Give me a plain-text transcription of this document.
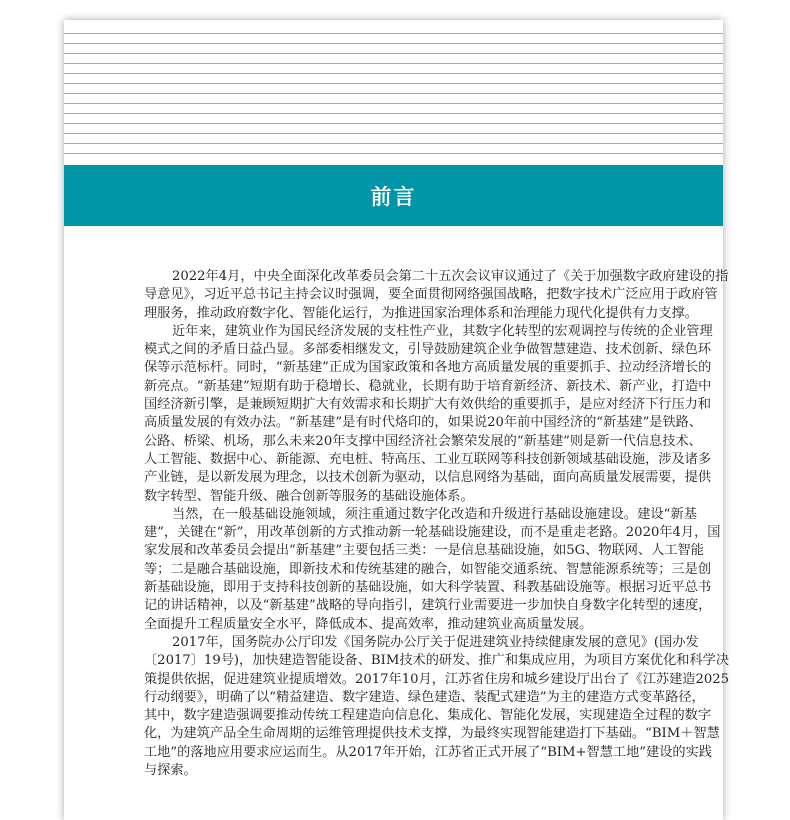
前言
2022年4月，中央全面深化改革委员会第二十五次会议审议通过了《关于加强数字政府建设的指
导意见》，习近平总书记主持会议时强调，要全面贯彻网络强国战略，把数字技术广泛应用于政府管
理服务，推动政府数字化、智能化运行，为推进国家治理体系和治理能力现代化提供有力支撑。
近年来，建筑业作为国民经济发展的支柱性产业，其数字化转型的宏观调控与传统的企业管理
模式之间的矛盾日益凸显。多部委相继发文，引导鼓励建筑企业争做智慧建造、技术创新、绿色环
保等示范标杆。同时，“新基建”正成为国家政策和各地方高质量发展的重要抓手、拉动经济增长的
新亮点。“新基建”短期有助于稳增长、稳就业，长期有助于培育新经济、新技术、新产业，打造中
国经济新引擎，是兼顾短期扩大有效需求和长期扩大有效供给的重要抓手，是应对经济下行压力和
高质量发展的有效办法。“新基建”是有时代烙印的，如果说20年前中国经济的“新基建”是铁路、
公路、桥梁、机场，那么未来20年支撑中国经济社会繁荣发展的“新基建”则是新一代信息技术、
人工智能、数据中心、新能源、充电桩、特高压、工业互联网等科技创新领域基础设施，涉及诸多
产业链，是以新发展为理念，以技术创新为驱动，以信息网络为基础，面向高质量发展需要，提供
数字转型、智能升级、融合创新等服务的基础设施体系。
当然，在一般基础设施领域，须注重通过数字化改造和升级进行基础设施建设。建设“新基
建”，关键在“新”，用改革创新的方式推动新一轮基础设施建设，而不是重走老路。2020年4月，国
家发展和改革委员会提出“新基建”主要包括三类：一是信息基础设施，如5G、物联网、人工智能
等；二是融合基础设施，即新技术和传统基建的融合，如智能交通系统、智慧能源系统等；三是创
新基础设施，即用于支持科技创新的基础设施，如大科学装置、科教基础设施等。根据习近平总书
记的讲话精神，以及“新基建”战略的导向指引，建筑行业需要进一步加快自身数字化转型的速度，
全面提升工程质量安全水平，降低成本、提高效率，推动建筑业高质量发展。
2017年，国务院办公厅印发《国务院办公厅关于促进建筑业持续健康发展的意见》(国办发
〔2017〕19号)，加快建造智能设备、BIM技术的研发、推广和集成应用，为项目方案优化和科学决
策提供依据，促进建筑业提质增效。2017年10月，江苏省住房和城乡建设厅出台了《江苏建造2025
行动纲要》，明确了以“精益建造、数字建造、绿色建造、装配式建造”为主的建造方式变革路径，
其中，数字建造强调要推动传统工程建造向信息化、集成化、智能化发展，实现建造全过程的数字
化，为建筑产品全生命周期的运维管理提供技术支撑，为最终实现智能建造打下基础。“BIM＋智慧
工地”的落地应用要求应运而生。从2017年开始，江苏省正式开展了“BIM+智慧工地”建设的实践
与探索。
